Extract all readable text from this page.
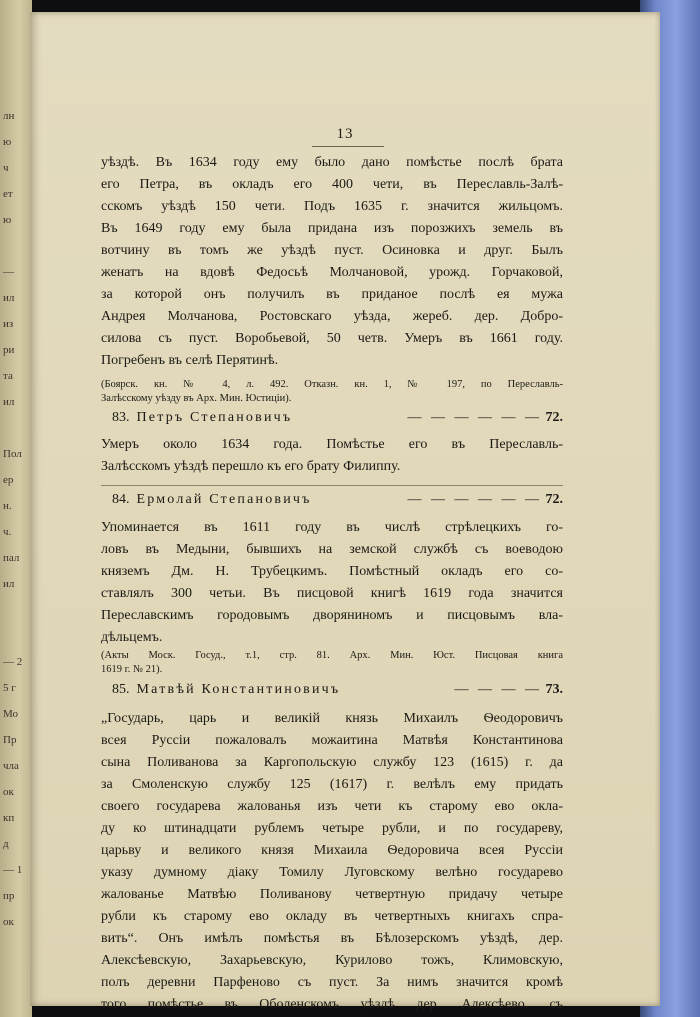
лн
ю
ч
ет
ю
—
ил
из
ри
та
ил
Пол
ер
н.
ч.
пал
ил
— 2
5 г
Мо
Пр
чла
ок
кп
д
— 1
пр
ок
13
уѣздѣ. Въ 1634 году ему было дано помѣстье послѣ брата
его Петра, въ окладъ его 400 чети, въ Переславль-Залѣ-
сскомъ уѣздѣ 150 чети. Подъ 1635 г. значится жильцомъ.
Въ 1649 году ему была придана изъ порозжихъ земель въ
вотчину въ томъ же уѣздѣ пуст. Осиновка и друг. Былъ
женатъ на вдовѣ Федосьѣ Молчановой, урожд. Горчаковой,
за которой онъ получилъ въ приданое послѣ ея мужа
Андрея Молчанова, Ростовскаго уѣзда, жереб. дер. Добро-
силова съ пуст. Воробьевой, 50 четв. Умеръ въ 1661 году.
Погребенъ въ селѣ Перятинѣ.
(Боярск. кн. № 4, л. 492. Отказн. кн. 1, № 197, по Переславль-
Залѣсскому уѣзду въ Арх. Мин. Юстиціи).
83. Петръ Степановичъ	— — — — — — 72.
Умеръ около 1634 года. Помѣстье его въ Переславль-
Залѣсскомъ уѣздѣ перешло къ его брату Филиппу.
84. Ермолай Степановичъ	— — — — — — 72.
Упоминается въ 1611 году въ числѣ стрѣлецкихъ го-
ловъ въ Медыни, бывшихъ на земской службѣ съ воеводою
княземъ Дм. Н. Трубецкимъ. Помѣстный окладъ его со-
ставлялъ 300 четьи. Въ писцовой книгѣ 1619 года значится
Переславскимъ городовымъ дворяниномъ и писцовымъ влa-
дѣльцемъ.
(Акты Моск. Госуд., т.1, стр. 81. Арх. Мин. Юст. Писцовая книга
1619 г. № 21).
85. Матвѣй Константиновичъ	— — — — 73.
„Государь, царь и великій князь Михаилъ Ѳеодоровичъ
всея Руссіи пожаловалъ можаитина Матвѣя Константинова
сына Поливанова за Каргопольскую службу 123 (1615) г. да
за Смоленскую службу 125 (1617) г. велѣлъ ему придать
своего государева жалованья изъ чети къ старому ево окла-
ду ко штинадцати рублемъ четыре рубли, и по государеву,
царьву и великого князя Михаила Ѳедоровича всея Руссіи
указу думному діаку Томилу Луговскому велѣно государево
жалованье Матвѣю Поливанову четвертную придачу четыре
рубли къ старому ево окладу въ четвертныхъ книгахъ спра-
вить“. Онъ имѣлъ помѣстья въ Бѣлозерскомъ уѣздѣ, дер.
Алексѣевскую, Захарьевскую, Курилово тожъ, Климовскую,
полъ деревни Парфеново съ пуст. За нимъ значится кромѣ
того помѣстье въ Оболенскомъ уѣздѣ дер. Алексѣево, съ
